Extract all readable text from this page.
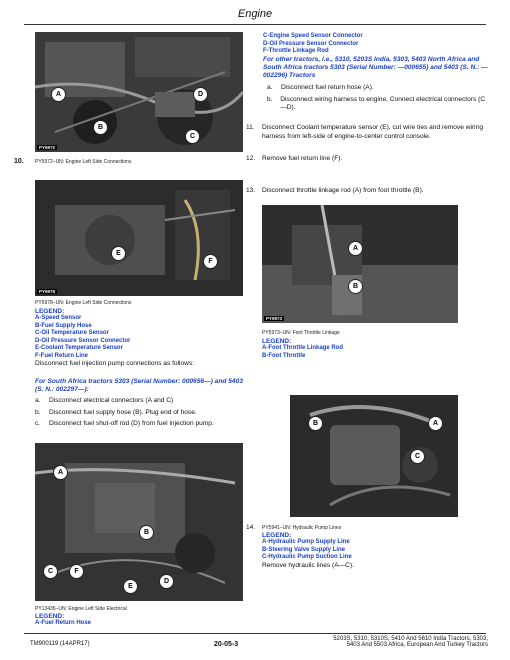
Engine
A	D
B
C
PY5972
10. PY5972–UN: Engine Left Side Connections
E
F
PY5978
PY5978–UN: Engine Left Side Connections
LEGEND:
A-Speed Sensor
B-Fuel Supply Hose
C-Oil Temperature Sensor
D-Oil Pressure Sensor Connector
E-Coolant Temperature Sensor
F-Fuel Return Line
Disconnect fuel injection pump connections as follows:
For South Africa tractors 5303 (Serial Number: 000656—) and 5403 (S. N.: 002297—):
a. Disconnect electrical connectors (A and C)
b. Disconnect fuel supply hose (B). Plug end of hose.
c. Disconnect fuel shut-off rod (D) from fuel injection pump.
A
F
C
D
B
E
PY13435–UN: Engine Left Side Electrical
LEGEND:
A-Fuel Return Hose
C-Engine Speed Sensor Connector
D-Oil Pressure Sensor Connector
F-Throttle Linkage Rod
For other tractors, i.e., 5310, 5203S India, 5303, 5403 North Africa and South Africa tractors 5303 (Serial Number: —000655) and 5403 (S. N.: —002296) Tractors
a. Disconnect fuel return hose (A).
b.	Disconnect wiring harness to engine. Connect electrical connectors (C—D).
11.	Disconnect Coolant temperature sensor (E), cut wire ties and remove wiring harness from left-side of engine-to-center control console.
12.	Remove fuel return line (F).
13.	Disconnect throttle linkage rod (A) from foot throttle (B).
A
B
PY5973
PY5973–UN: Foot Throttle Linkage
LEGEND:
A-Foot Throttle Linkage Rod
B-Foot Throttle
B	A
C
14.	PY5941–UN: Hydraulic Pump Lines
LEGEND:
A-Hydraulic Pump Supply Line
B-Steering Valve Supply Line
C-Hydraulic Pump Suction Line
Remove hydraulic lines (A—C).
TM900119 (14APR17)	20-05-3
5203S, 5310, 5310S, 5410 And 5610 India Tractors, 5303,
5403 And 5503 Africa, European And Turkey Tractors
